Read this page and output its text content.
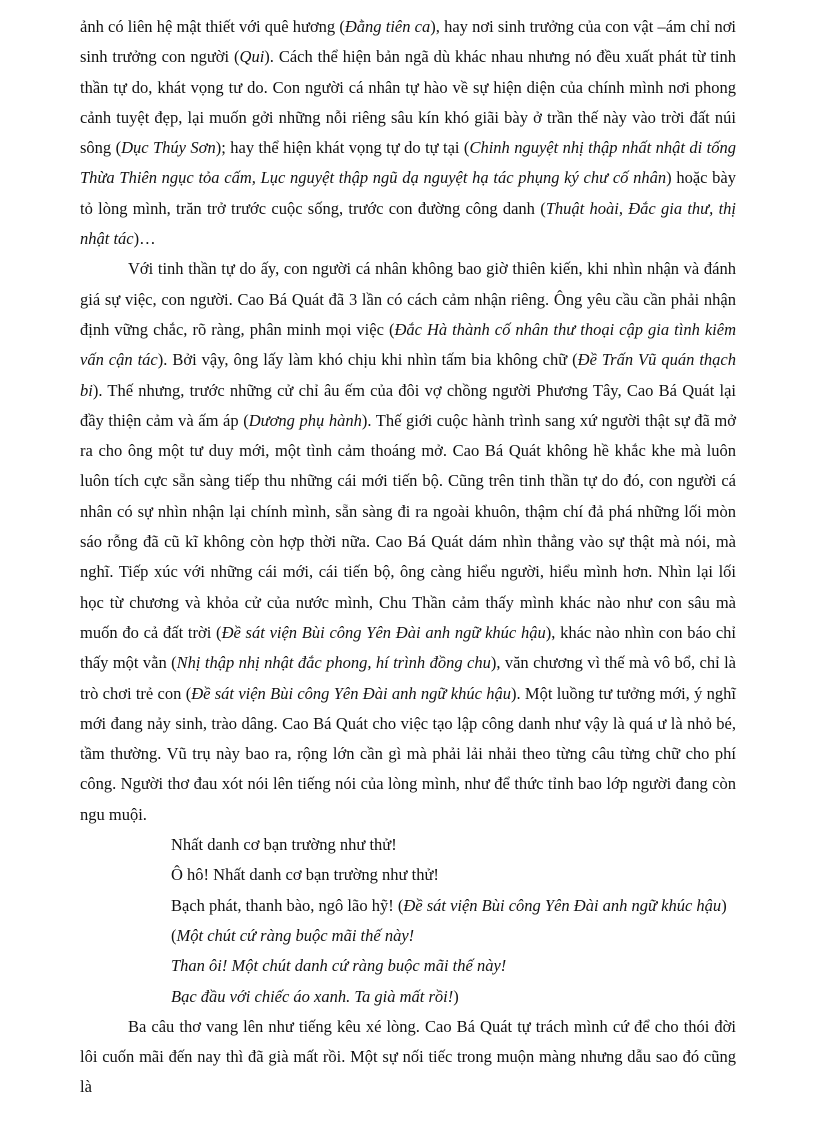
ảnh có liên hệ mật thiết với quê hương (Đằng tiên ca), hay nơi sinh trưởng của con vật –ám chỉ nơi sinh trưởng con người (Qui). Cách thể hiện bản ngã dù khác nhau nhưng nó đều xuất phát từ tinh thần tự do, khát vọng tư do. Con người cá nhân tự hào về sự hiện diện của chính mình nơi phong cảnh tuyệt đẹp, lại muốn gởi những nỗi riêng sâu kín khó giãi bày ở trần thế này vào trời đất núi sông (Dục Thúy Sơn); hay thể hiện khát vọng tự do tự tại (Chinh nguyệt nhị thập nhất nhật di tống Thừa Thiên ngục tỏa cấm, Lục nguyệt thập ngũ dạ nguyệt hạ tác phụng ký chư cố nhân) hoặc bày tỏ lòng mình, trăn trở trước cuộc sống, trước con đường công danh (Thuật hoài, Đắc gia thư, thị nhật tác)…

Với tinh thần tự do ấy, con người cá nhân không bao giờ thiên kiến, khi nhìn nhận và đánh giá sự việc, con người. Cao Bá Quát đã 3 lần có cách cảm nhận riêng. Ông yêu cầu cần phải nhận định vững chắc, rõ ràng, phân minh mọi việc (Đắc Hà thành cố nhân thư thoại cập gia tình kiêm vấn cận tác). Bởi vậy, ông lấy làm khó chịu khi nhìn tấm bia không chữ (Đề Trấn Vũ quán thạch bi). Thế nhưng, trước những cử chỉ âu ếm của đôi vợ chồng người Phương Tây, Cao Bá Quát lại đầy thiện cảm và ấm áp (Dương phụ hành). Thế giới cuộc hành trình sang xứ người thật sự đã mở ra cho ông một tư duy mới, một tình cảm thoáng mở. Cao Bá Quát không hề khắc khe mà luôn luôn tích cực sẵn sàng tiếp thu những cái mới tiến bộ. Cũng trên tinh thần tự do đó, con người cá nhân có sự nhìn nhận lại chính mình, sẵn sàng đi ra ngoài khuôn, thậm chí đả phá những lối mòn sáo rỗng đã cũ kĩ không còn hợp thời nữa. Cao Bá Quát dám nhìn thẳng vào sự thật mà nói, mà nghĩ. Tiếp xúc với những cái mới, cái tiến bộ, ông càng hiểu người, hiểu mình hơn. Nhìn lại lối học từ chương và khỏa cử của nước mình, Chu Thần cảm thấy mình khác nào như con sâu mà muốn đo cả đất trời (Đề sát viện Bùi công Yên Đài anh ngữ khúc hậu), khác nào nhìn con báo chỉ thấy một vằn (Nhị thập nhị nhật đắc phong, hí trình đồng chu), văn chương vì thế mà vô bổ, chỉ là trò chơi trẻ con (Đề sát viện Bùi công Yên Đài anh ngữ khúc hậu). Một luồng tư tưởng mới, ý nghĩ mới đang nảy sinh, trào dâng. Cao Bá Quát cho việc tạo lập công danh như vậy là quá ư là nhỏ bé, tầm thường. Vũ trụ này bao ra, rộng lớn cần gì mà phải lải nhải theo từng câu từng chữ cho phí công. Người thơ đau xót nói lên tiếng nói của lòng mình, như để thức tỉnh bao lớp người đang còn ngu muội.

Nhất danh cơ bạn trường như thử!
Ô hô! Nhất danh cơ bạn trường như thử!
Bạch phát, thanh bào, ngô lão hỹ! (Đề sát viện Bùi công Yên Đài anh ngữ khúc hậu)
(Một chút cứ ràng buộc mãi thế này!
Than ôi! Một chút danh cứ ràng buộc mãi thế này!
Bạc đầu với chiếc áo xanh. Ta già mất rồi!)

Ba câu thơ vang lên như tiếng kêu xé lòng. Cao Bá Quát tự trách mình cứ để cho thói đời lôi cuốn mãi đến nay thì đã già mất rồi. Một sự nối tiếc trong muộn màng nhưng dẫu sao đó cũng là
